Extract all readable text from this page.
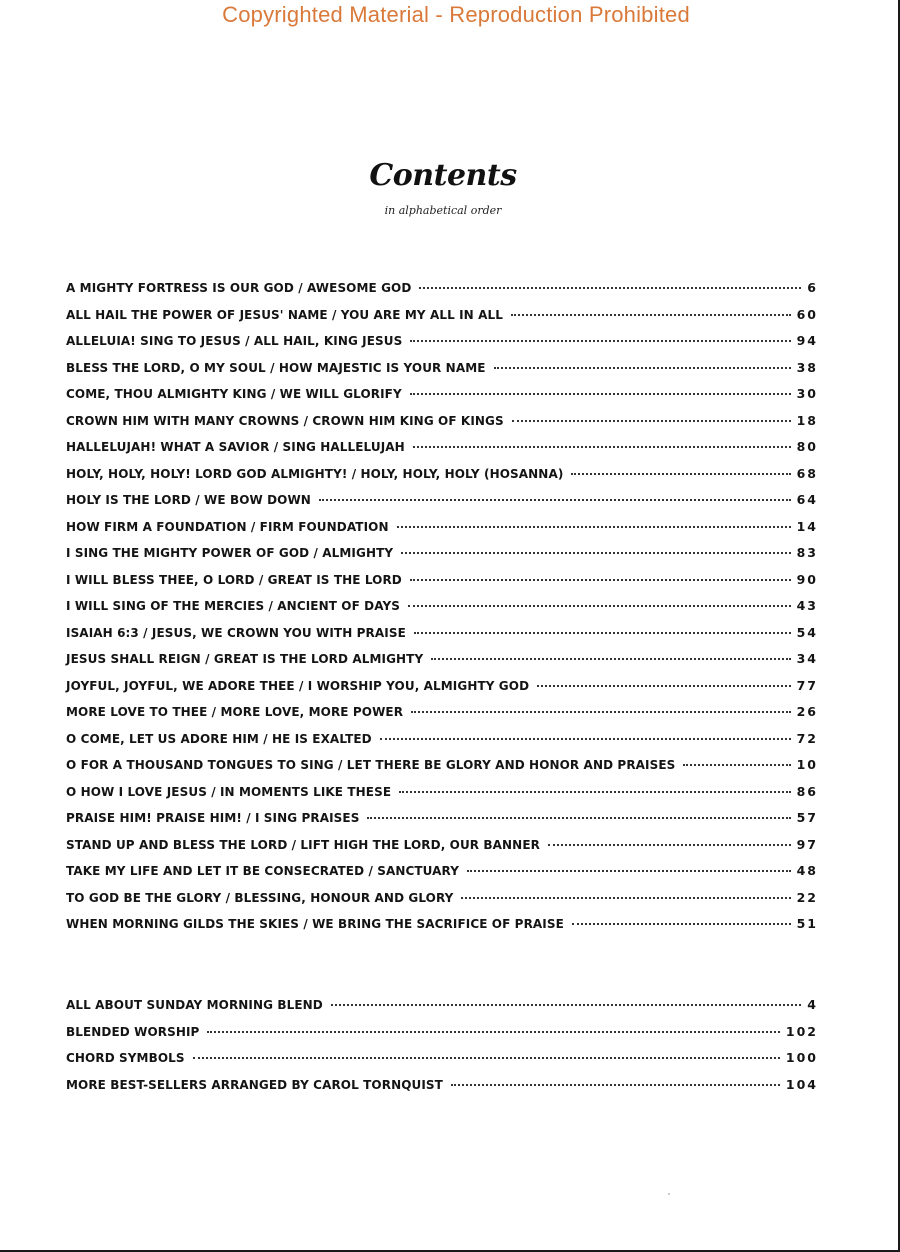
Copyrighted Material - Reproduction Prohibited
Contents
in alphabetical order
A MIGHTY FORTRESS IS OUR GOD / AWESOME GOD	6
ALL HAIL THE POWER OF JESUS' NAME / YOU ARE MY ALL IN ALL	60
ALLELUIA! SING TO JESUS / ALL HAIL, KING JESUS	94
BLESS THE LORD, O MY SOUL / HOW MAJESTIC IS YOUR NAME	38
COME, THOU ALMIGHTY KING / WE WILL GLORIFY	30
CROWN HIM WITH MANY CROWNS / CROWN HIM KING OF KINGS	18
HALLELUJAH! WHAT A SAVIOR / SING HALLELUJAH	80
HOLY, HOLY, HOLY! LORD GOD ALMIGHTY! / HOLY, HOLY, HOLY (HOSANNA)	68
HOLY IS THE LORD / WE BOW DOWN	64
HOW FIRM A FOUNDATION / FIRM FOUNDATION	14
I SING THE MIGHTY POWER OF GOD / ALMIGHTY	83
I WILL BLESS THEE, O LORD / GREAT IS THE LORD	90
I WILL SING OF THE MERCIES / ANCIENT OF DAYS	43
ISAIAH 6:3 / JESUS, WE CROWN YOU WITH PRAISE	54
JESUS SHALL REIGN / GREAT IS THE LORD ALMIGHTY	34
JOYFUL, JOYFUL, WE ADORE THEE / I WORSHIP YOU, ALMIGHTY GOD	77
MORE LOVE TO THEE / MORE LOVE, MORE POWER	26
O COME, LET US ADORE HIM / HE IS EXALTED	72
O FOR A THOUSAND TONGUES TO SING / LET THERE BE GLORY AND HONOR AND PRAISES	10
O HOW I LOVE JESUS / IN MOMENTS LIKE THESE	86
PRAISE HIM! PRAISE HIM! / I SING PRAISES	57
STAND UP AND BLESS THE LORD / LIFT HIGH THE LORD, OUR BANNER	97
TAKE MY LIFE AND LET IT BE CONSECRATED / SANCTUARY	48
TO GOD BE THE GLORY / BLESSING, HONOUR AND GLORY	22
WHEN MORNING GILDS THE SKIES / WE BRING THE SACRIFICE OF PRAISE	51
ALL ABOUT SUNDAY MORNING BLEND	4
BLENDED WORSHIP	102
CHORD SYMBOLS	100
MORE BEST-SELLERS ARRANGED BY CAROL TORNQUIST	104
